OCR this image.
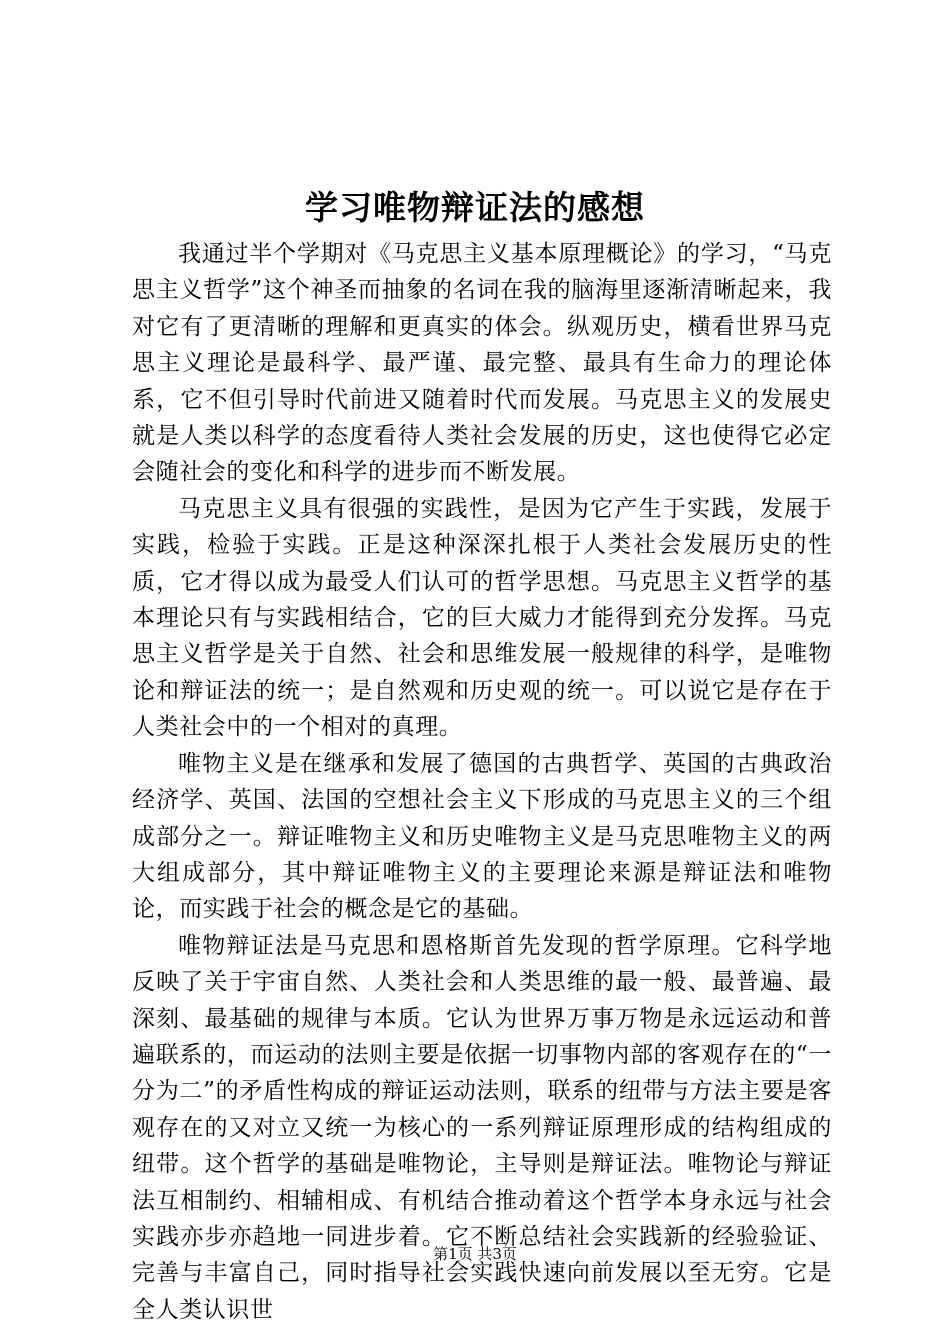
学习唯物辩证法的感想

我通过半个学期对《马克思主义基本原理概论》的学习，“马克思主义哲学”这个神圣而抽象的名词在我的脑海里逐渐清晰起来，我对它有了更清晰的理解和更真实的体会。纵观历史，横看世界马克思主义理论是最科学、最严谨、最完整、最具有生命力的理论体系，它不但引导时代前进又随着时代而发展。马克思主义的发展史就是人类以科学的态度看待人类社会发展的历史，这也使得它必定会随社会的变化和科学的进步而不断发展。

马克思主义具有很强的实践性，是因为它产生于实践，发展于实践，检验于实践。正是这种深深扎根于人类社会发展历史的性质，它才得以成为最受人们认可的哲学思想。马克思主义哲学的基本理论只有与实践相结合，它的巨大威力才能得到充分发挥。马克思主义哲学是关于自然、社会和思维发展一般规律的科学，是唯物论和辩证法的统一；是自然观和历史观的统一。可以说它是存在于人类社会中的一个相对的真理。

唯物主义是在继承和发展了德国的古典哲学、英国的古典政治经济学、英国、法国的空想社会主义下形成的马克思主义的三个组成部分之一。辩证唯物主义和历史唯物主义是马克思唯物主义的两大组成部分，其中辩证唯物主义的主要理论来源是辩证法和唯物论，而实践于社会的概念是它的基础。

唯物辩证法是马克思和恩格斯首先发现的哲学原理。它科学地反映了关于宇宙自然、人类社会和人类思维的最一般、最普遍、最深刻、最基础的规律与本质。它认为世界万事万物是永远运动和普遍联系的，而运动的法则主要是依据一切事物内部的客观存在的“一分为二”的矛盾性构成的辩证运动法则，联系的纽带与方法主要是客观存在的又对立又统一为核心的一系列辩证原理形成的结构组成的纽带。这个哲学的基础是唯物论，主导则是辩证法。唯物论与辩证法互相制约、相辅相成、有机结合推动着这个哲学本身永远与社会实践亦步亦趋地一同进步着。它不断总结社会实践新的经验验证、完善与丰富自己，同时指导社会实践快速向前发展以至无穷。它是全人类认识世

第1页 共3页
